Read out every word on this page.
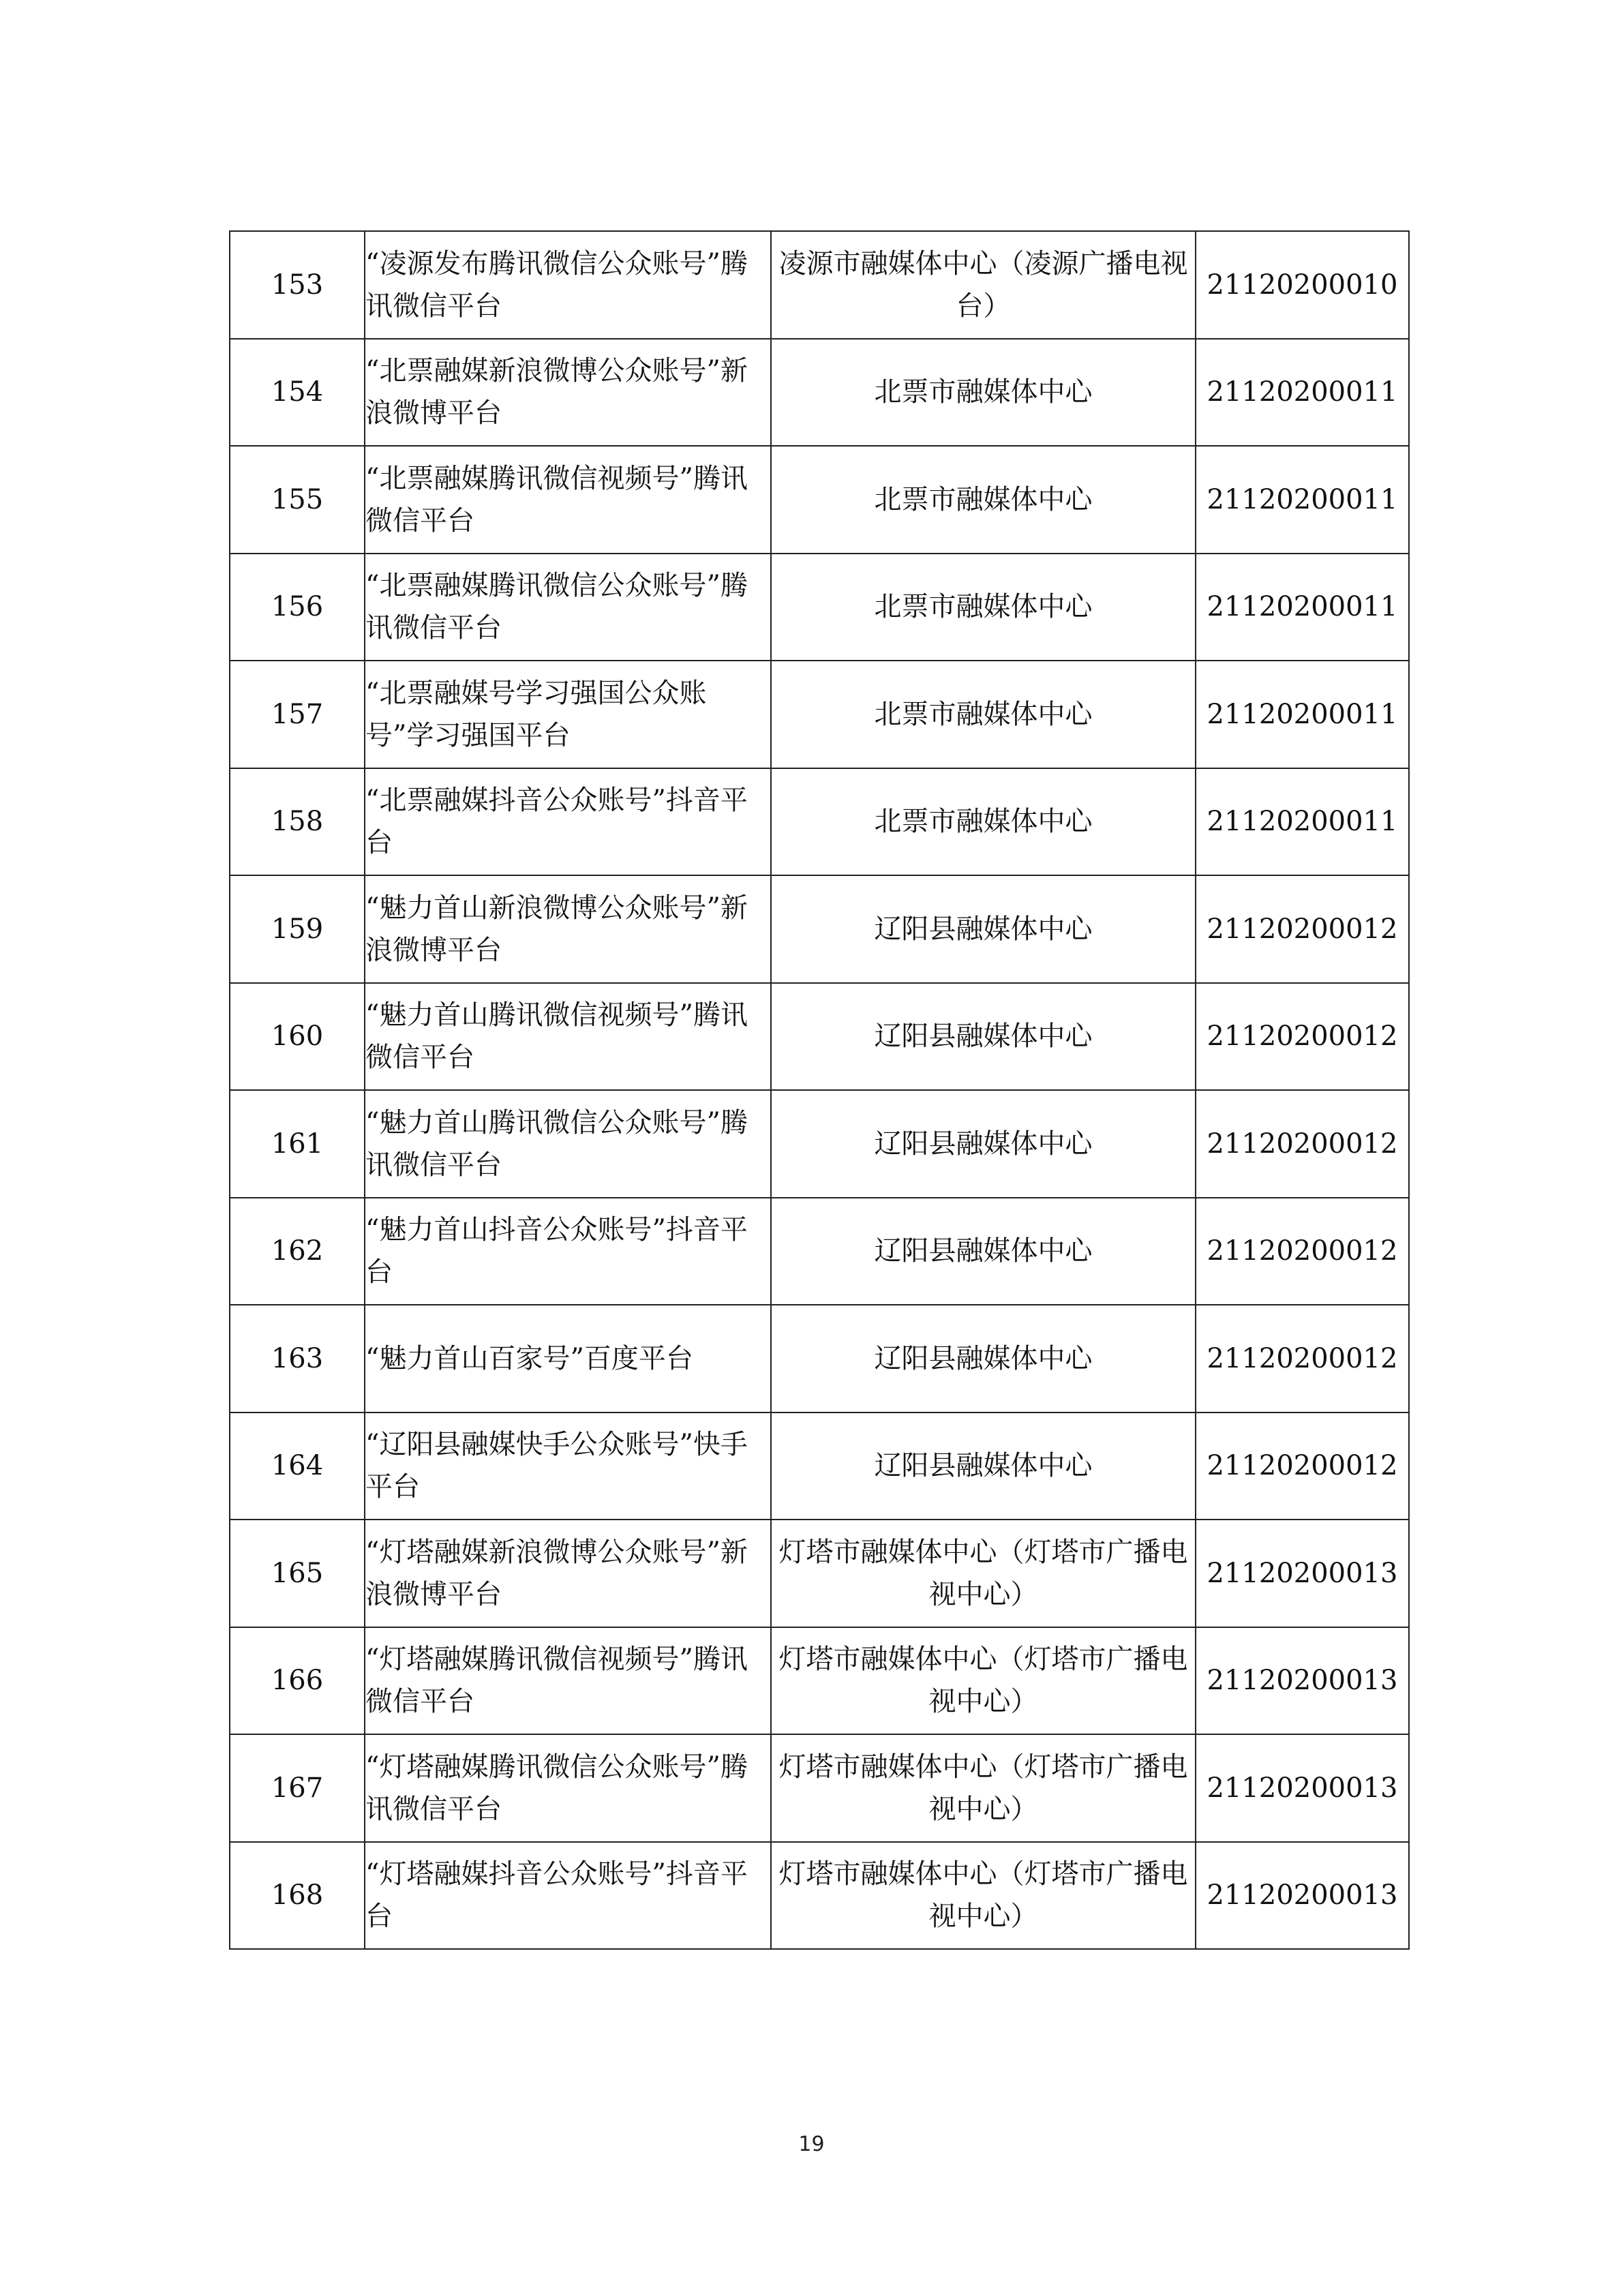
153	“凌源发布腾讯微信公众账号”腾讯微信平台	凌源市融媒体中心（凌源广播电视台）	21120200010
154	“北票融媒新浪微博公众账号”新浪微博平台	北票市融媒体中心	21120200011
155	“北票融媒腾讯微信视频号”腾讯微信平台	北票市融媒体中心	21120200011
156	“北票融媒腾讯微信公众账号”腾讯微信平台	北票市融媒体中心	21120200011
157	“北票融媒号学习强国公众账号”学习强国平台	北票市融媒体中心	21120200011
158	“北票融媒抖音公众账号”抖音平台	北票市融媒体中心	21120200011
159	“魅力首山新浪微博公众账号”新浪微博平台	辽阳县融媒体中心	21120200012
160	“魅力首山腾讯微信视频号”腾讯微信平台	辽阳县融媒体中心	21120200012
161	“魅力首山腾讯微信公众账号”腾讯微信平台	辽阳县融媒体中心	21120200012
162	“魅力首山抖音公众账号”抖音平台	辽阳县融媒体中心	21120200012
163	“魅力首山百家号”百度平台	辽阳县融媒体中心	21120200012
164	“辽阳县融媒快手公众账号”快手平台	辽阳县融媒体中心	21120200012
165	“灯塔融媒新浪微博公众账号”新浪微博平台	灯塔市融媒体中心（灯塔市广播电视中心）	21120200013
166	“灯塔融媒腾讯微信视频号”腾讯微信平台	灯塔市融媒体中心（灯塔市广播电视中心）	21120200013
167	“灯塔融媒腾讯微信公众账号”腾讯微信平台	灯塔市融媒体中心（灯塔市广播电视中心）	21120200013
168	“灯塔融媒抖音公众账号”抖音平台	灯塔市融媒体中心（灯塔市广播电视中心）	21120200013
19
